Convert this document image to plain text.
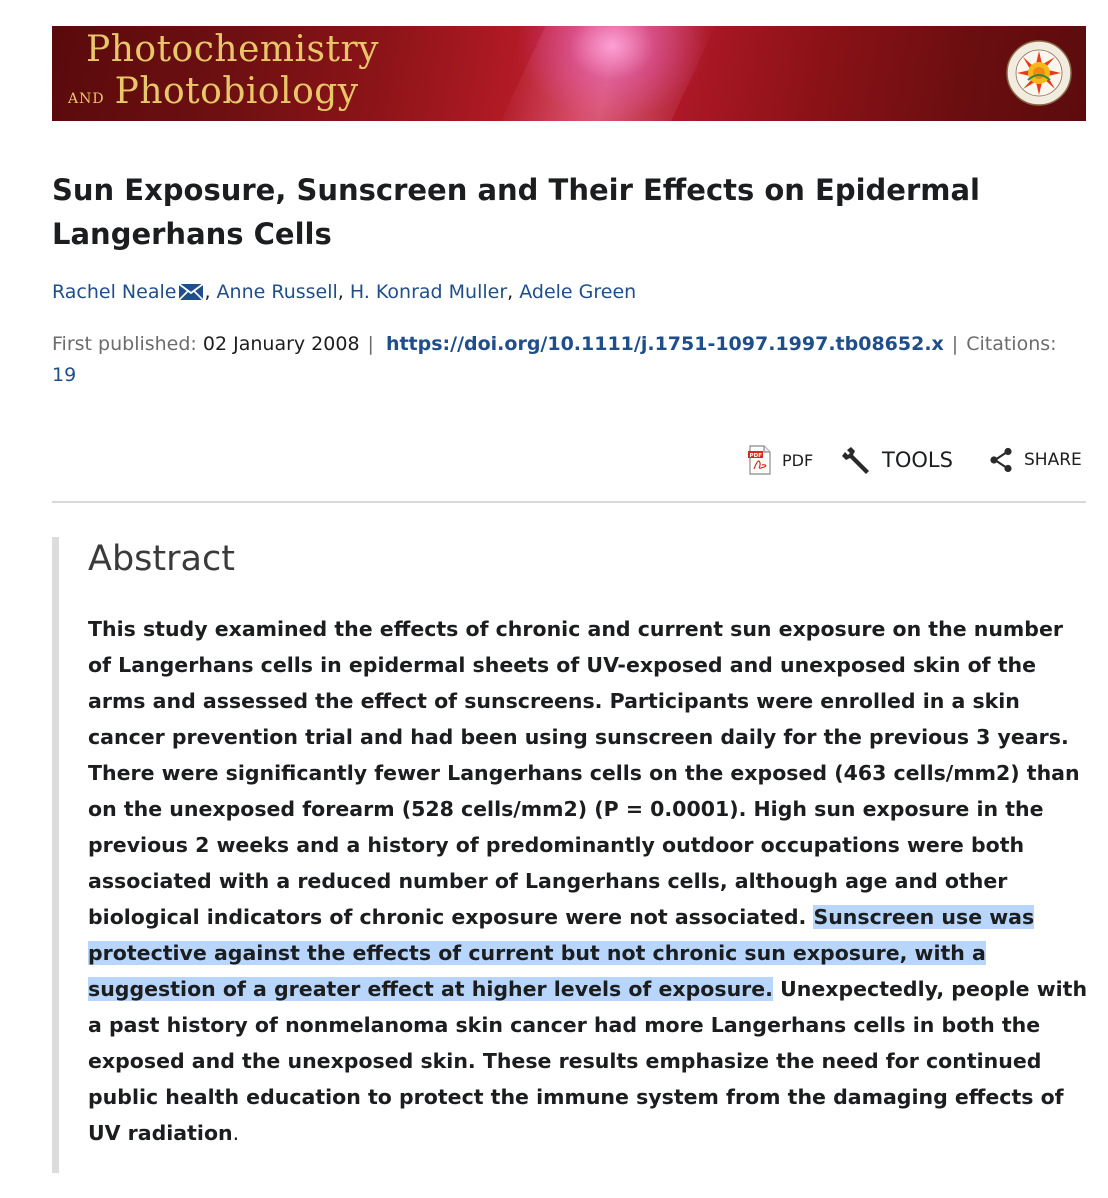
Photochemistry
and Photobiology
Sun Exposure, Sunscreen and Their Effects on Epidermal Langerhans Cells
Rachel Neale , Anne Russell, H. Konrad Muller, Adele Green
First published: 02 January 2008 | https://doi.org/10.1111/j.1751-1097.1997.tb08652.x | Citations: 19
PDF PDF	TOOLS	SHARE
Abstract

This study examined the effects of chronic and current sun exposure on the number of Langerhans cells in epidermal sheets of UV-exposed and unexposed skin of the arms and assessed the effect of sunscreens. Participants were enrolled in a skin cancer prevention trial and had been using sunscreen daily for the previous 3 years. There were significantly fewer Langerhans cells on the exposed (463 cells/mm2) than on the unexposed forearm (528 cells/mm2) (P = 0.0001). High sun exposure in the previous 2 weeks and a history of predominantly outdoor occupations were both associated with a reduced number of Langerhans cells, although age and other biological indicators of chronic exposure were not associated. Sunscreen use was protective against the effects of current but not chronic sun exposure, with a suggestion of a greater effect at higher levels of exposure. Unexpectedly, people with a past history of nonmelanoma skin cancer had more Langerhans cells in both the exposed and the unexposed skin. These results emphasize the need for continued public health education to protect the immune system from the damaging effects of UV radiation.
